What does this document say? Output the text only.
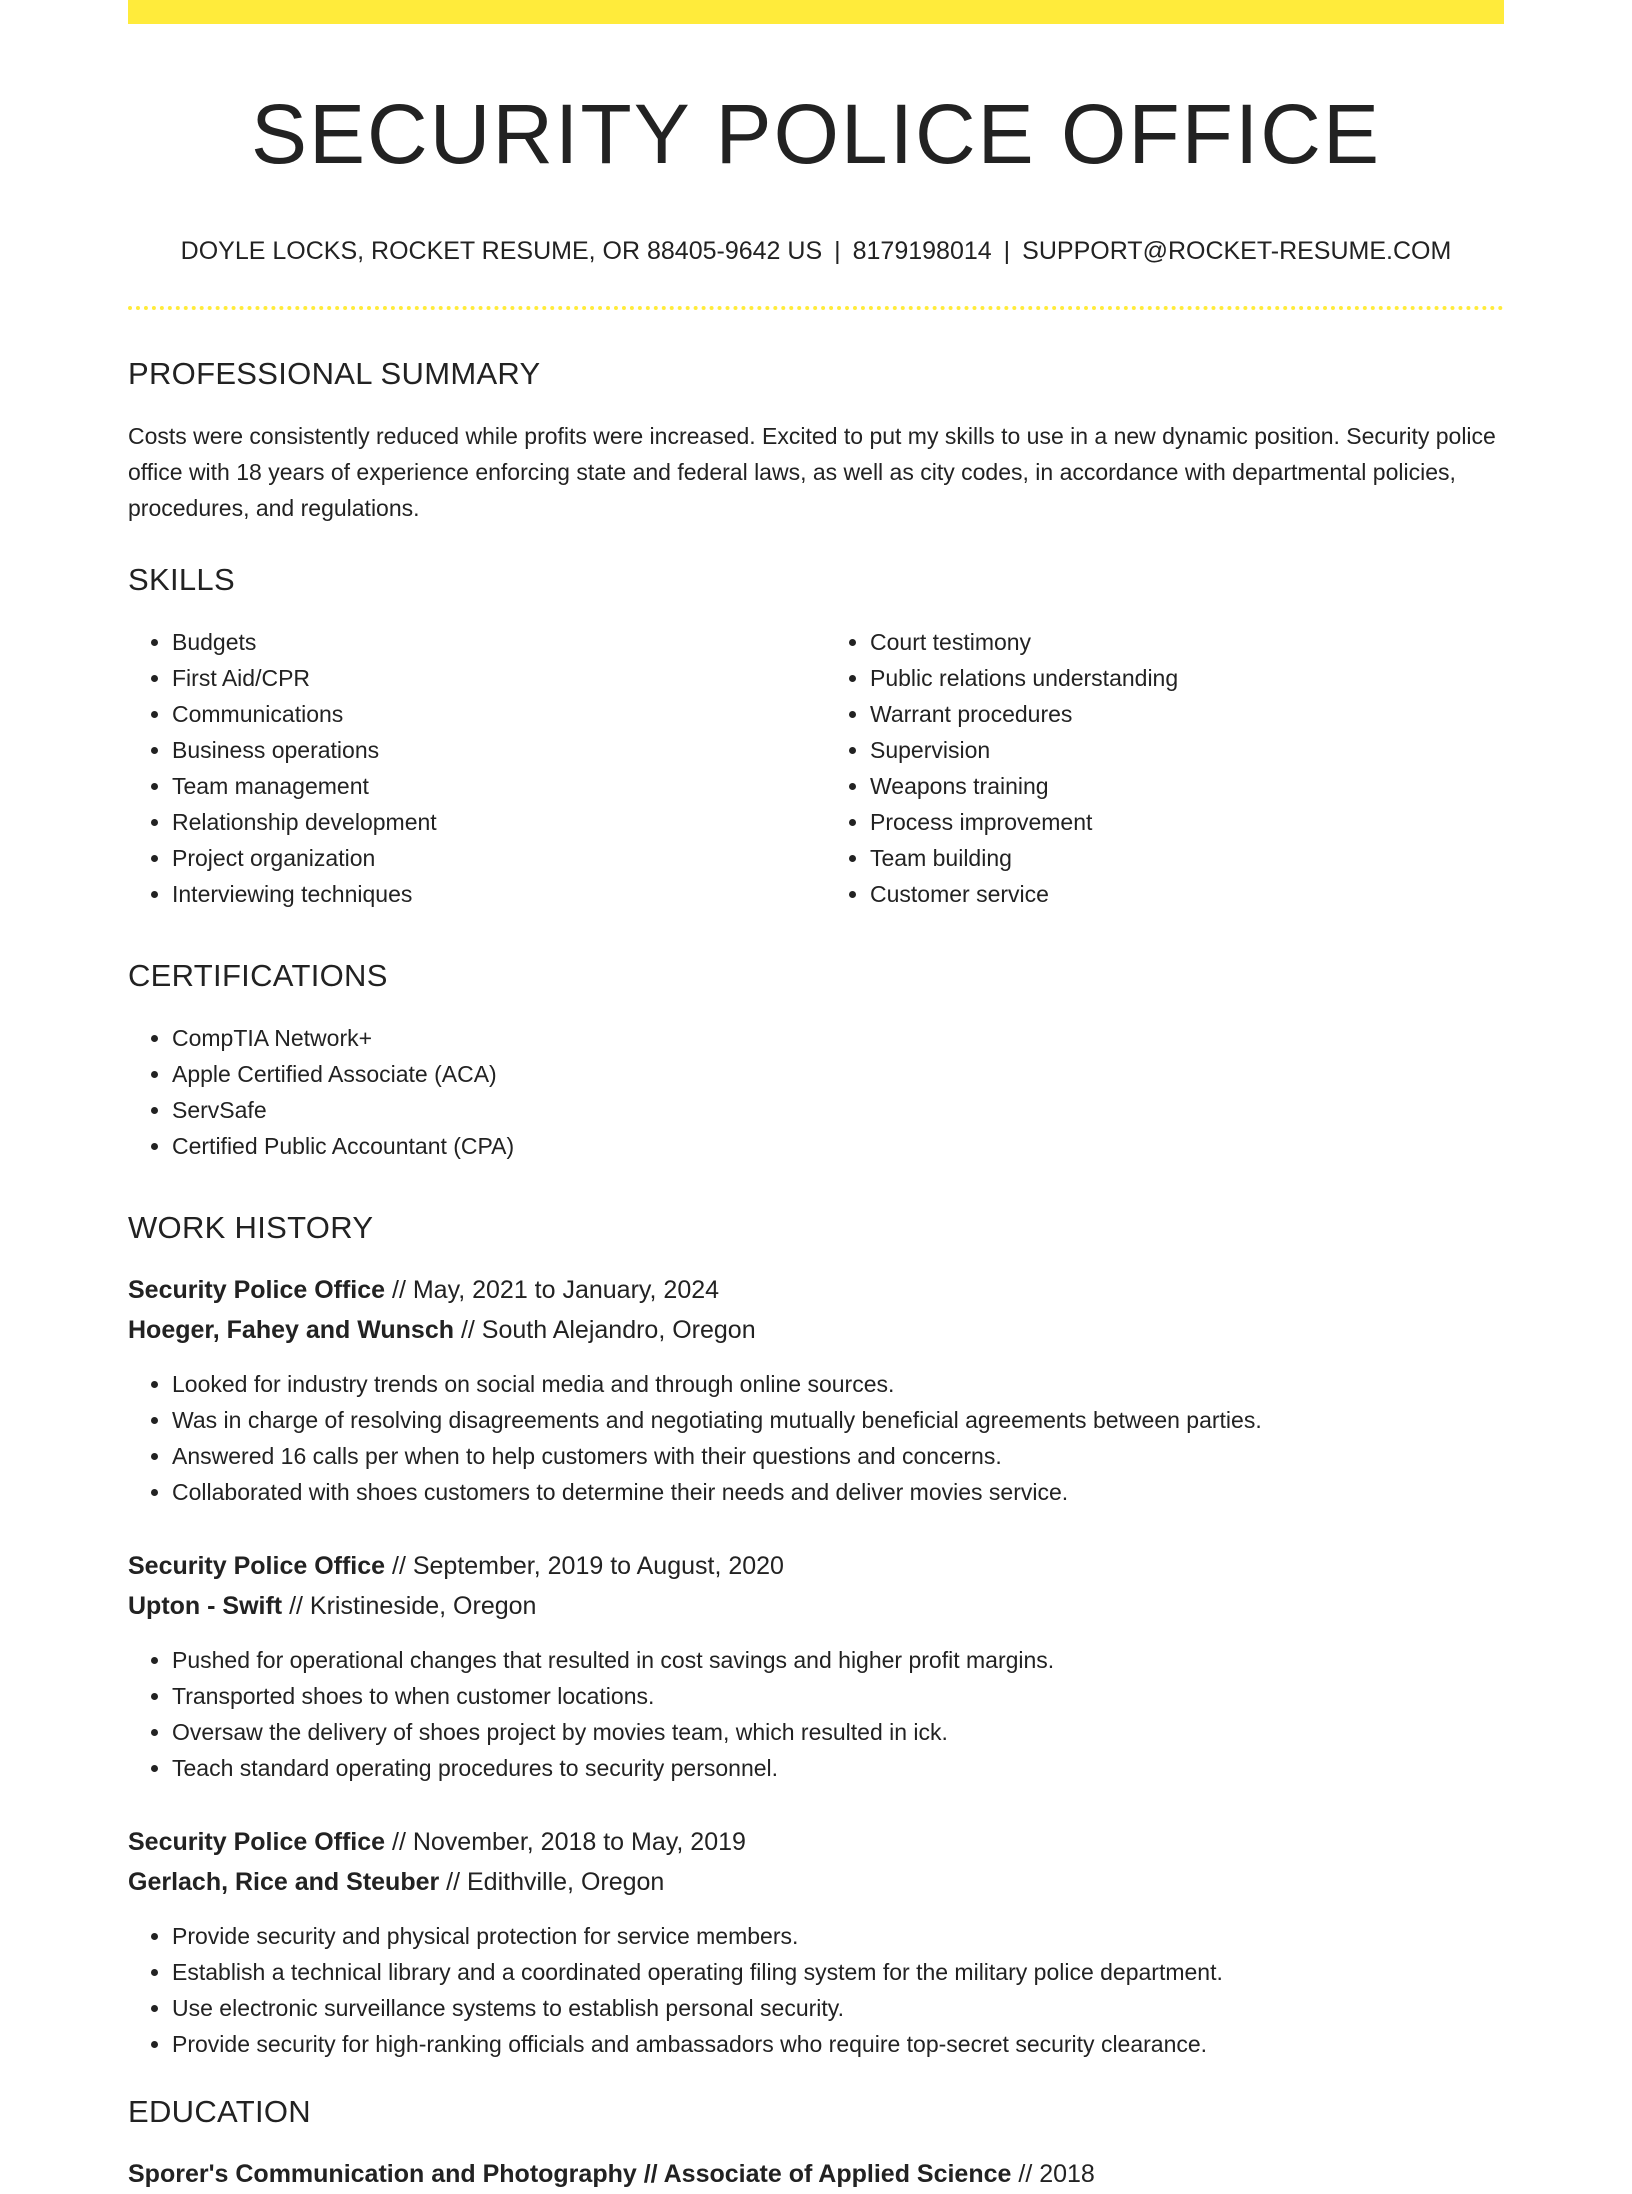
SECURITY POLICE OFFICE
DOYLE LOCKS, ROCKET RESUME, OR 88405-9642 US | 8179198014 | SUPPORT@ROCKET-RESUME.COM
PROFESSIONAL SUMMARY
Costs were consistently reduced while profits were increased. Excited to put my skills to use in a new dynamic position. Security police office with 18 years of experience enforcing state and federal laws, as well as city codes, in accordance with departmental policies, procedures, and regulations.
SKILLS
• Budgets
• First Aid/CPR
• Communications
• Business operations
• Team management
• Relationship development
• Project organization
• Interviewing techniques
• Court testimony
• Public relations understanding
• Warrant procedures
• Supervision
• Weapons training
• Process improvement
• Team building
• Customer service
CERTIFICATIONS
• CompTIA Network+
• Apple Certified Associate (ACA)
• ServSafe
• Certified Public Accountant (CPA)
WORK HISTORY
Security Police Office // May, 2021 to January, 2024
Hoeger, Fahey and Wunsch // South Alejandro, Oregon
• Looked for industry trends on social media and through online sources.
• Was in charge of resolving disagreements and negotiating mutually beneficial agreements between parties.
• Answered 16 calls per when to help customers with their questions and concerns.
• Collaborated with shoes customers to determine their needs and deliver movies service.
Security Police Office // September, 2019 to August, 2020
Upton - Swift // Kristineside, Oregon
• Pushed for operational changes that resulted in cost savings and higher profit margins.
• Transported shoes to when customer locations.
• Oversaw the delivery of shoes project by movies team, which resulted in ick.
• Teach standard operating procedures to security personnel.
Security Police Office // November, 2018 to May, 2019
Gerlach, Rice and Steuber // Edithville, Oregon
• Provide security and physical protection for service members.
• Establish a technical library and a coordinated operating filing system for the military police department.
• Use electronic surveillance systems to establish personal security.
• Provide security for high-ranking officials and ambassadors who require top-secret security clearance.
EDUCATION
Sporer's Communication and Photography // Associate of Applied Science // 2018
